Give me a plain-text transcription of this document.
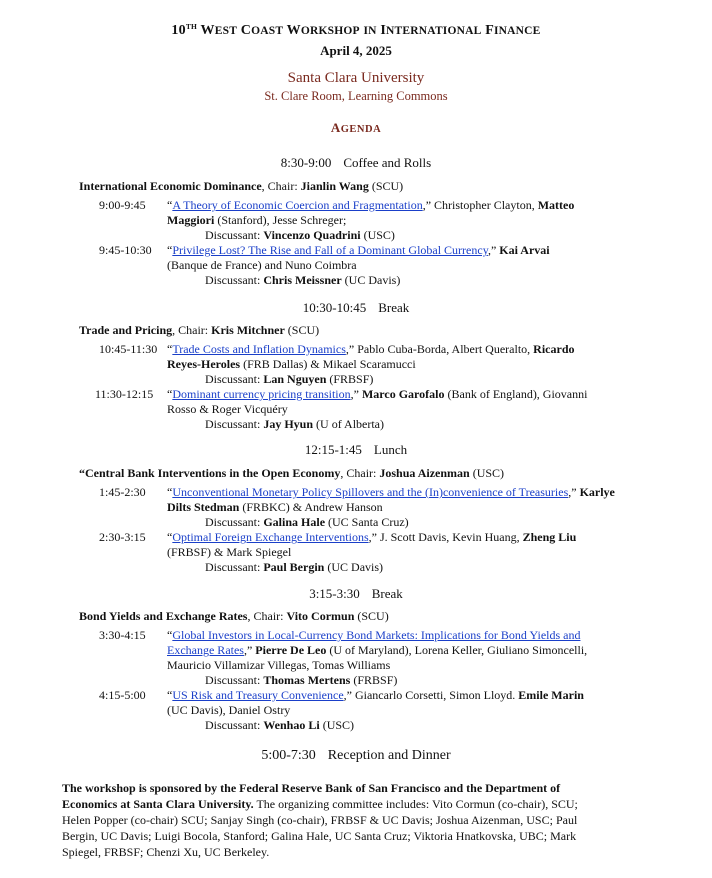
10TH WEST COAST WORKSHOP IN INTERNATIONAL FINANCE
April 4, 2025
Santa Clara University
St. Clare Room, Learning Commons
AGENDA
8:30-9:00 Coffee and Rolls
International Economic Dominance, Chair: Jianlin Wang (SCU)
9:00-9:45 “A Theory of Economic Coercion and Fragmentation,” Christopher Clayton, Matteo
Maggiori (Stanford), Jesse Schreger;
Discussant: Vincenzo Quadrini (USC)
9:45-10:30 “Privilege Lost? The Rise and Fall of a Dominant Global Currency,” Kai Arvai
(Banque de France) and Nuno Coimbra
Discussant: Chris Meissner (UC Davis)
10:30-10:45 Break
Trade and Pricing, Chair: Kris Mitchner (SCU)
10:45-11:30 “Trade Costs and Inflation Dynamics,” Pablo Cuba-Borda, Albert Queralto, Ricardo
Reyes-Heroles (FRB Dallas) & Mikael Scaramucci
Discussant: Lan Nguyen (FRBSF)
11:30-12:15 “Dominant currency pricing transition,” Marco Garofalo (Bank of England), Giovanni
Rosso & Roger Vicquéry
Discussant: Jay Hyun (U of Alberta)
12:15-1:45 Lunch
“Central Bank Interventions in the Open Economy, Chair: Joshua Aizenman (USC)
1:45-2:30 “Unconventional Monetary Policy Spillovers and the (In)convenience of Treasuries,” Karlye
Dilts Stedman (FRBKC) & Andrew Hanson
Discussant: Galina Hale (UC Santa Cruz)
2:30-3:15 “Optimal Foreign Exchange Interventions,” J. Scott Davis, Kevin Huang, Zheng Liu
(FRBSF) & Mark Spiegel
Discussant: Paul Bergin (UC Davis)
3:15-3:30 Break
Bond Yields and Exchange Rates, Chair: Vito Cormun (SCU)
3:30-4:15 “Global Investors in Local-Currency Bond Markets: Implications for Bond Yields and
Exchange Rates,” Pierre De Leo (U of Maryland), Lorena Keller, Giuliano Simoncelli,
Mauricio Villamizar Villegas, Tomas Williams
Discussant: Thomas Mertens (FRBSF)
4:15-5:00 “US Risk and Treasury Convenience,” Giancarlo Corsetti, Simon Lloyd. Emile Marin
(UC Davis), Daniel Ostry
Discussant: Wenhao Li (USC)
5:00-7:30 Reception and Dinner
The workshop is sponsored by the Federal Reserve Bank of San Francisco and the Department of
Economics at Santa Clara University. The organizing committee includes: Vito Cormun (co-chair), SCU;
Helen Popper (co-chair) SCU; Sanjay Singh (co-chair), FRBSF & UC Davis; Joshua Aizenman, USC; Paul
Bergin, UC Davis; Luigi Bocola, Stanford; Galina Hale, UC Santa Cruz; Viktoria Hnatkovska, UBC; Mark
Spiegel, FRBSF; Chenzi Xu, UC Berkeley.
